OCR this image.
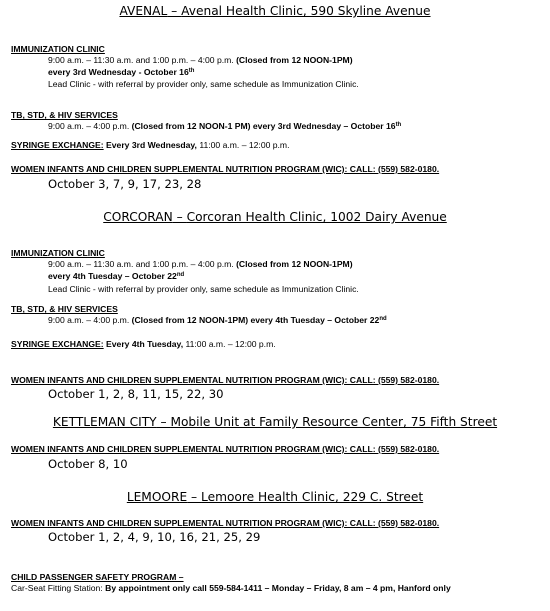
AVENAL – Avenal Health Clinic, 590 Skyline Avenue
IMMUNIZATION CLINIC
9:00 a.m. – 11:30 a.m. and 1:00 p.m. – 4:00 p.m. (Closed from 12 NOON-1PM)
every 3rd Wednesday - October 16th
Lead Clinic - with referral by provider only, same schedule as Immunization Clinic.
TB, STD, & HIV SERVICES
9:00 a.m. – 4:00 p.m. (Closed from 12 NOON-1 PM) every 3rd Wednesday – October 16th
SYRINGE EXCHANGE: Every 3rd Wednesday, 11:00 a.m. – 12:00 p.m.
WOMEN INFANTS AND CHILDREN SUPPLEMENTAL NUTRITION PROGRAM (WIC): CALL: (559) 582-0180.
October 3, 7, 9, 17, 23, 28
CORCORAN – Corcoran Health Clinic, 1002 Dairy Avenue
IMMUNIZATION CLINIC
9:00 a.m. – 11:30 a.m. and 1:00 p.m. – 4:00 p.m. (Closed from 12 NOON-1PM)
every 4th Tuesday – October 22nd
Lead Clinic - with referral by provider only, same schedule as Immunization Clinic.
TB, STD, & HIV SERVICES
9:00 a.m. – 4:00 p.m. (Closed from 12 NOON-1PM) every 4th Tuesday – October 22nd
SYRINGE EXCHANGE: Every 4th Tuesday, 11:00 a.m. – 12:00 p.m.
WOMEN INFANTS AND CHILDREN SUPPLEMENTAL NUTRITION PROGRAM (WIC): CALL: (559) 582-0180.
October 1, 2, 8, 11, 15, 22, 30
KETTLEMAN CITY – Mobile Unit at Family Resource Center, 75 Fifth Street
WOMEN INFANTS AND CHILDREN SUPPLEMENTAL NUTRITION PROGRAM (WIC): CALL: (559) 582-0180.
October 8, 10
LEMOORE – Lemoore Health Clinic, 229 C. Street
WOMEN INFANTS AND CHILDREN SUPPLEMENTAL NUTRITION PROGRAM (WIC): CALL: (559) 582-0180.
October 1, 2, 4, 9, 10, 16, 21, 25, 29
CHILD PASSENGER SAFETY PROGRAM –
Car-Seat Fitting Station: By appointment only call 559-584-1411 – Monday – Friday, 8 am – 4 pm, Hanford only
